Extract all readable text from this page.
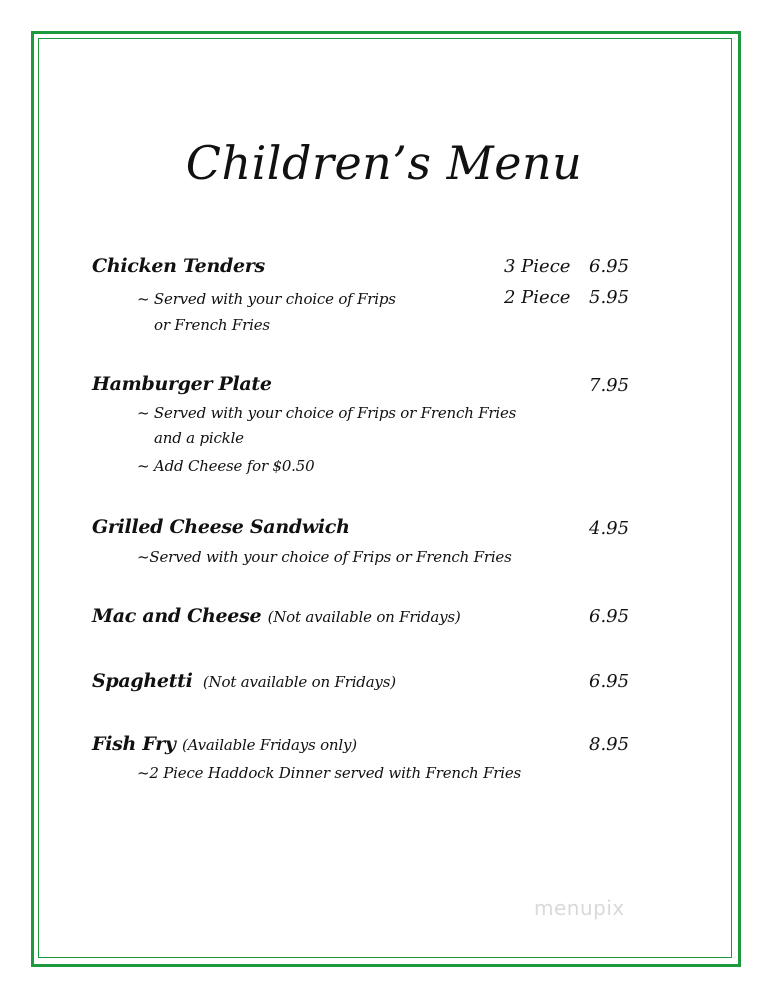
Children’s Menu
Chicken Tenders	3 Piece 6.95
~ Served with your choice of Frips	2 Piece 5.95
or French Fries
Hamburger Plate	7.95
~ Served with your choice of Frips or French Fries
and a pickle
~ Add Cheese for $0.50
Grilled Cheese Sandwich	4.95
~Served with your choice of Frips or French Fries
Mac and Cheese (Not available on Fridays)	6.95
Spaghetti (Not available on Fridays)	6.95
Fish Fry (Available Fridays only)	8.95
~2 Piece Haddock Dinner served with French Fries
menupix
